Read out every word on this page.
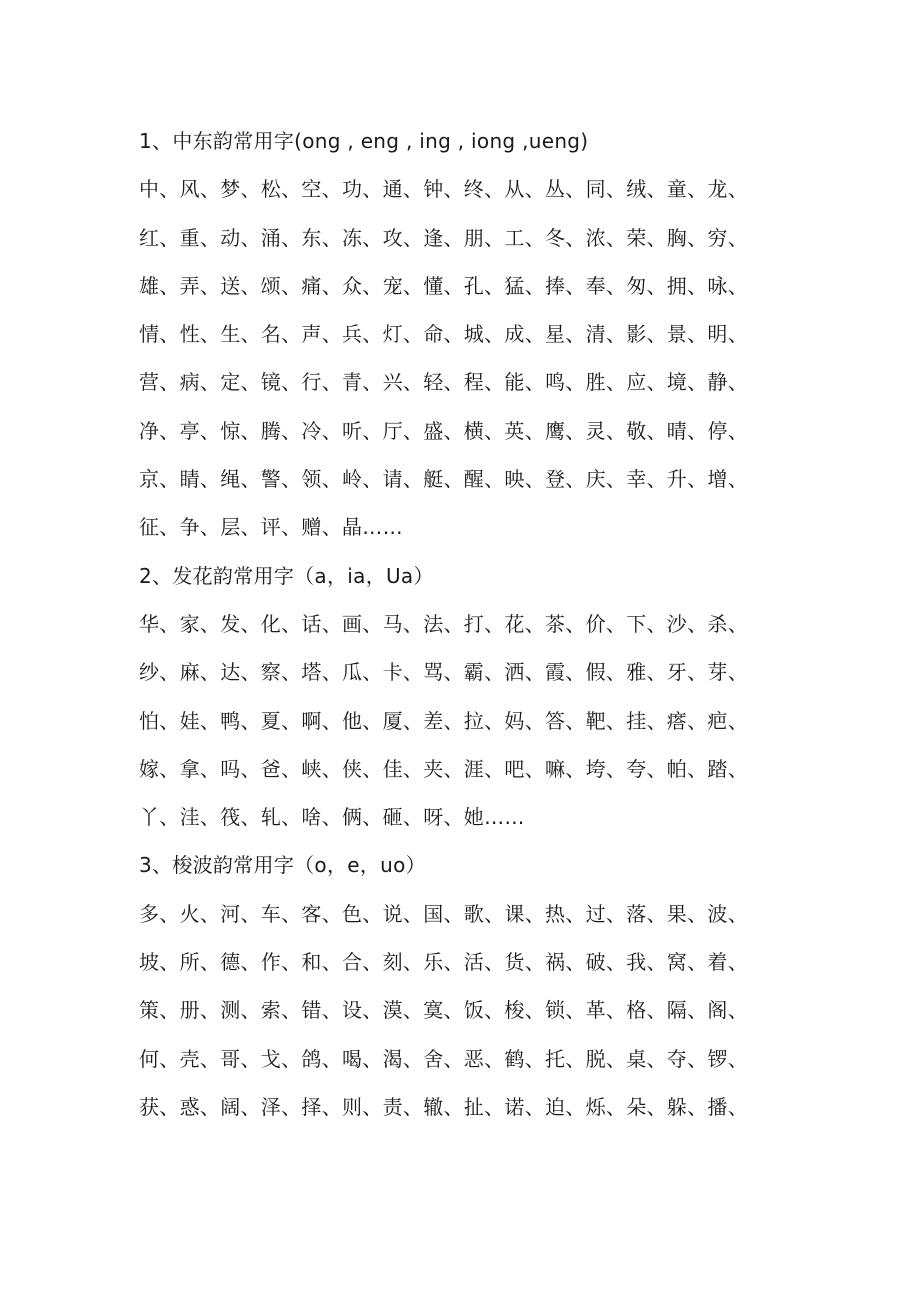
1、中东韵常用字(ong , eng , ing , iong ,ueng)
中、风、梦、松、空、功、通、钟、终、从、丛、同、绒、童、龙、
红、重、动、涌、东、冻、攻、逢、朋、工、冬、浓、荣、胸、穷、
雄、弄、送、颂、痛、众、宠、懂、孔、猛、捧、奉、匆、拥、咏、
情、性、生、名、声、兵、灯、命、城、成、星、清、影、景、明、
营、病、定、镜、行、青、兴、轻、程、能、鸣、胜、应、境、静、
净、亭、惊、腾、冷、听、厅、盛、横、英、鹰、灵、敬、晴、停、
京、睛、绳、警、领、岭、请、艇、醒、映、登、庆、幸、升、增、
征、争、层、评、赠、晶……
2、发花韵常用字（a，ia，Ua）
华、家、发、化、话、画、马、法、打、花、茶、价、下、沙、杀、
纱、麻、达、察、塔、瓜、卡、骂、霸、洒、霞、假、雅、牙、芽、
怕、娃、鸭、夏、啊、他、厦、差、拉、妈、答、靶、挂、瘩、疤、
嫁、拿、吗、爸、峡、侠、佳、夹、涯、吧、嘛、垮、夸、帕、踏、
丫、洼、筏、轧、啥、俩、砸、呀、她……
3、梭波韵常用字（o，e，uo）
多、火、河、车、客、色、说、国、歌、课、热、过、落、果、波、
坡、所、德、作、和、合、刻、乐、活、货、祸、破、我、窝、着、
策、册、测、索、错、设、漠、寞、饭、梭、锁、革、格、隔、阁、
何、壳、哥、戈、鸽、喝、渴、舍、恶、鹤、托、脱、桌、夺、锣、
获、惑、阔、泽、择、则、责、辙、扯、诺、迫、烁、朵、躲、播、
